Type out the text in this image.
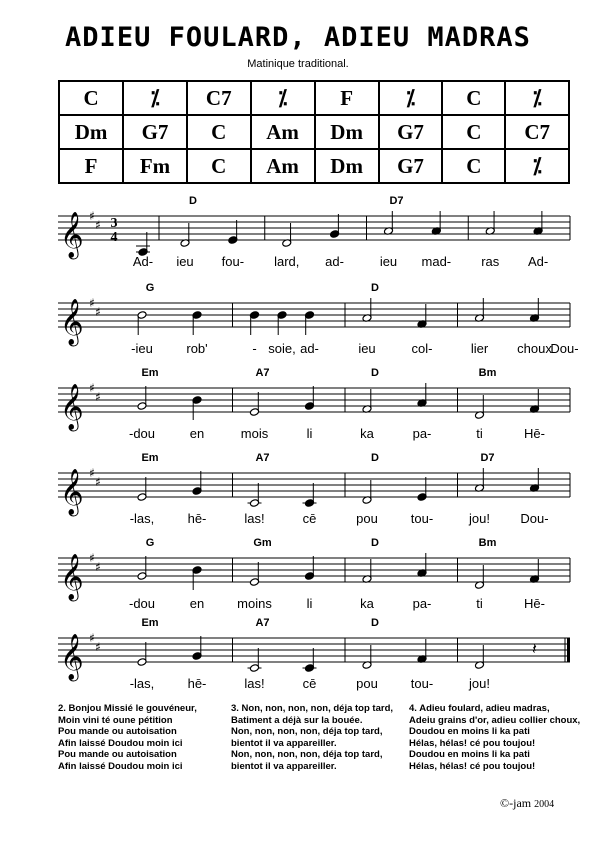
ADIEU FOULARD, ADIEU MADRAS
Matinique traditional.
C	⁒	C7	⁒	F	⁒	C	⁒
Dm	G7	C	Am	Dm	G7	C	C7
F	Fm	C	Am	Dm	G7	C	⁒
𝄞 ♯
♯ 3
4
D	D7
Ad- ieu fou- lard, ad-	ieu mad- ras Ad-
𝄞 ♯
♯
G	D
-ieu	rob'	- soie, ad-	ieu	col-	lier choux
Dou-
𝄞 ♯
♯
Em	A7	D	Bm
-dou	en	mois	li	ka	pa-	ti	Hē-
𝄞 ♯
♯
Em	A7	D	D7
-las,	hē-	las!	cē	pou	tou-	jou! Dou-
𝄞 ♯
♯
G	Gm	D	Bm
-dou	en	moins	li	ka	pa-	ti	Hē-
𝄞 ♯
♯
Em	A7	D
𝄽
-las,	hē-	las!	cē	pou	tou-	jou!
2. Bonjou Missié le gouvéneur,
Moin vini té oune pétition
Pou mande ou autoisation
Afin laissé Doudou moin ici
Pou mande ou autoisation
Afin laissé Doudou moin ici
3. Non, non, non, non, déja top tard,
Batiment a déjà sur la bouée.
Non, non, non, non, déja top tard,
bientot il va appareiller.
Non, non, non, non, déja top tard,
bientot il va appareiller.
4. Adieu foulard, adieu madras,
Adeiu grains d'or, adieu collier choux,
Doudou en moins li ka pati
Hélas, hélas! cé pou toujou!
Doudou en moins li ka pati
Hélas, hélas! cé pou toujou!
©-jam 2004
